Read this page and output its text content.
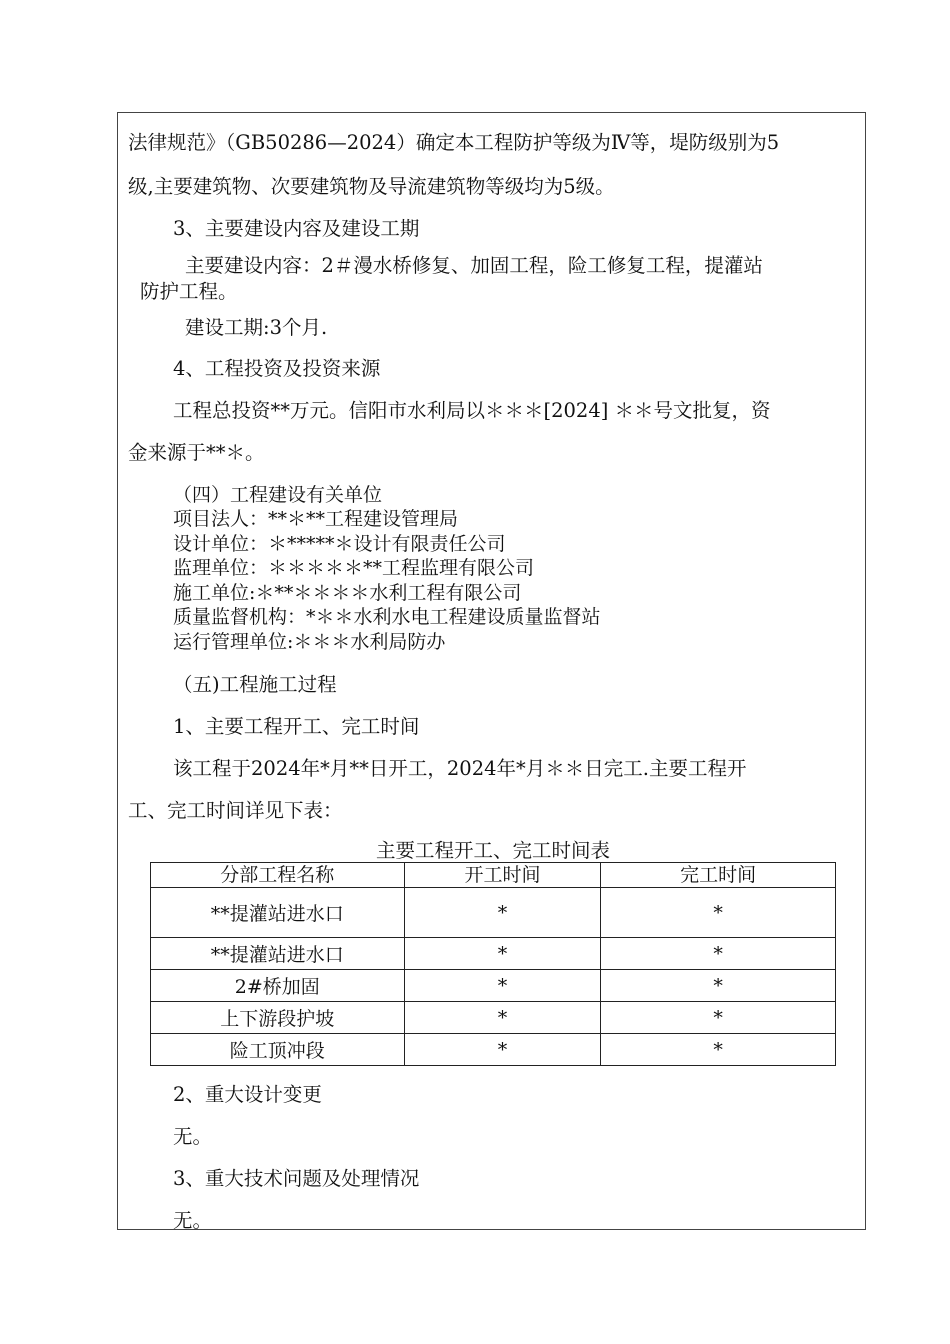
法律规范》（GB50286—2024）确定本工程防护等级为Ⅳ等，堤防级别为5
级,主要建筑物、次要建筑物及导流建筑物等级均为5级。
3、主要建设内容及建设工期
主要建设内容：2＃漫水桥修复、加固工程，险工修复工程，提灌站
防护工程。
建设工期:3个月.
4、工程投资及投资来源
工程总投资**万元。信阳市水利局以＊＊＊[2024] ＊＊号文批复，资
金来源于**＊。
（四）工程建设有关单位
项目法人：**＊**工程建设管理局
设计单位：＊*****＊设计有限责任公司
监理单位：＊＊＊＊＊**工程监理有限公司
施工单位:＊**＊＊＊＊水利工程有限公司
质量监督机构：*＊＊水利水电工程建设质量监督站
运行管理单位:＊＊＊水利局防办
（五)工程施工过程
1、主要工程开工、完工时间
该工程于2024年*月**日开工，2024年*月＊＊日完工.主要工程开
工、完工时间详见下表：
主要工程开工、完工时间表
分部工程名称	开工时间	完工时间
**提灌站进水口	*	*
**提灌站进水口	*	*
2#桥加固	*	*
上下游段护坡	*	*
险工顶冲段	*	*
2、重大设计变更
无。
3、重大技术问题及处理情况
无。
